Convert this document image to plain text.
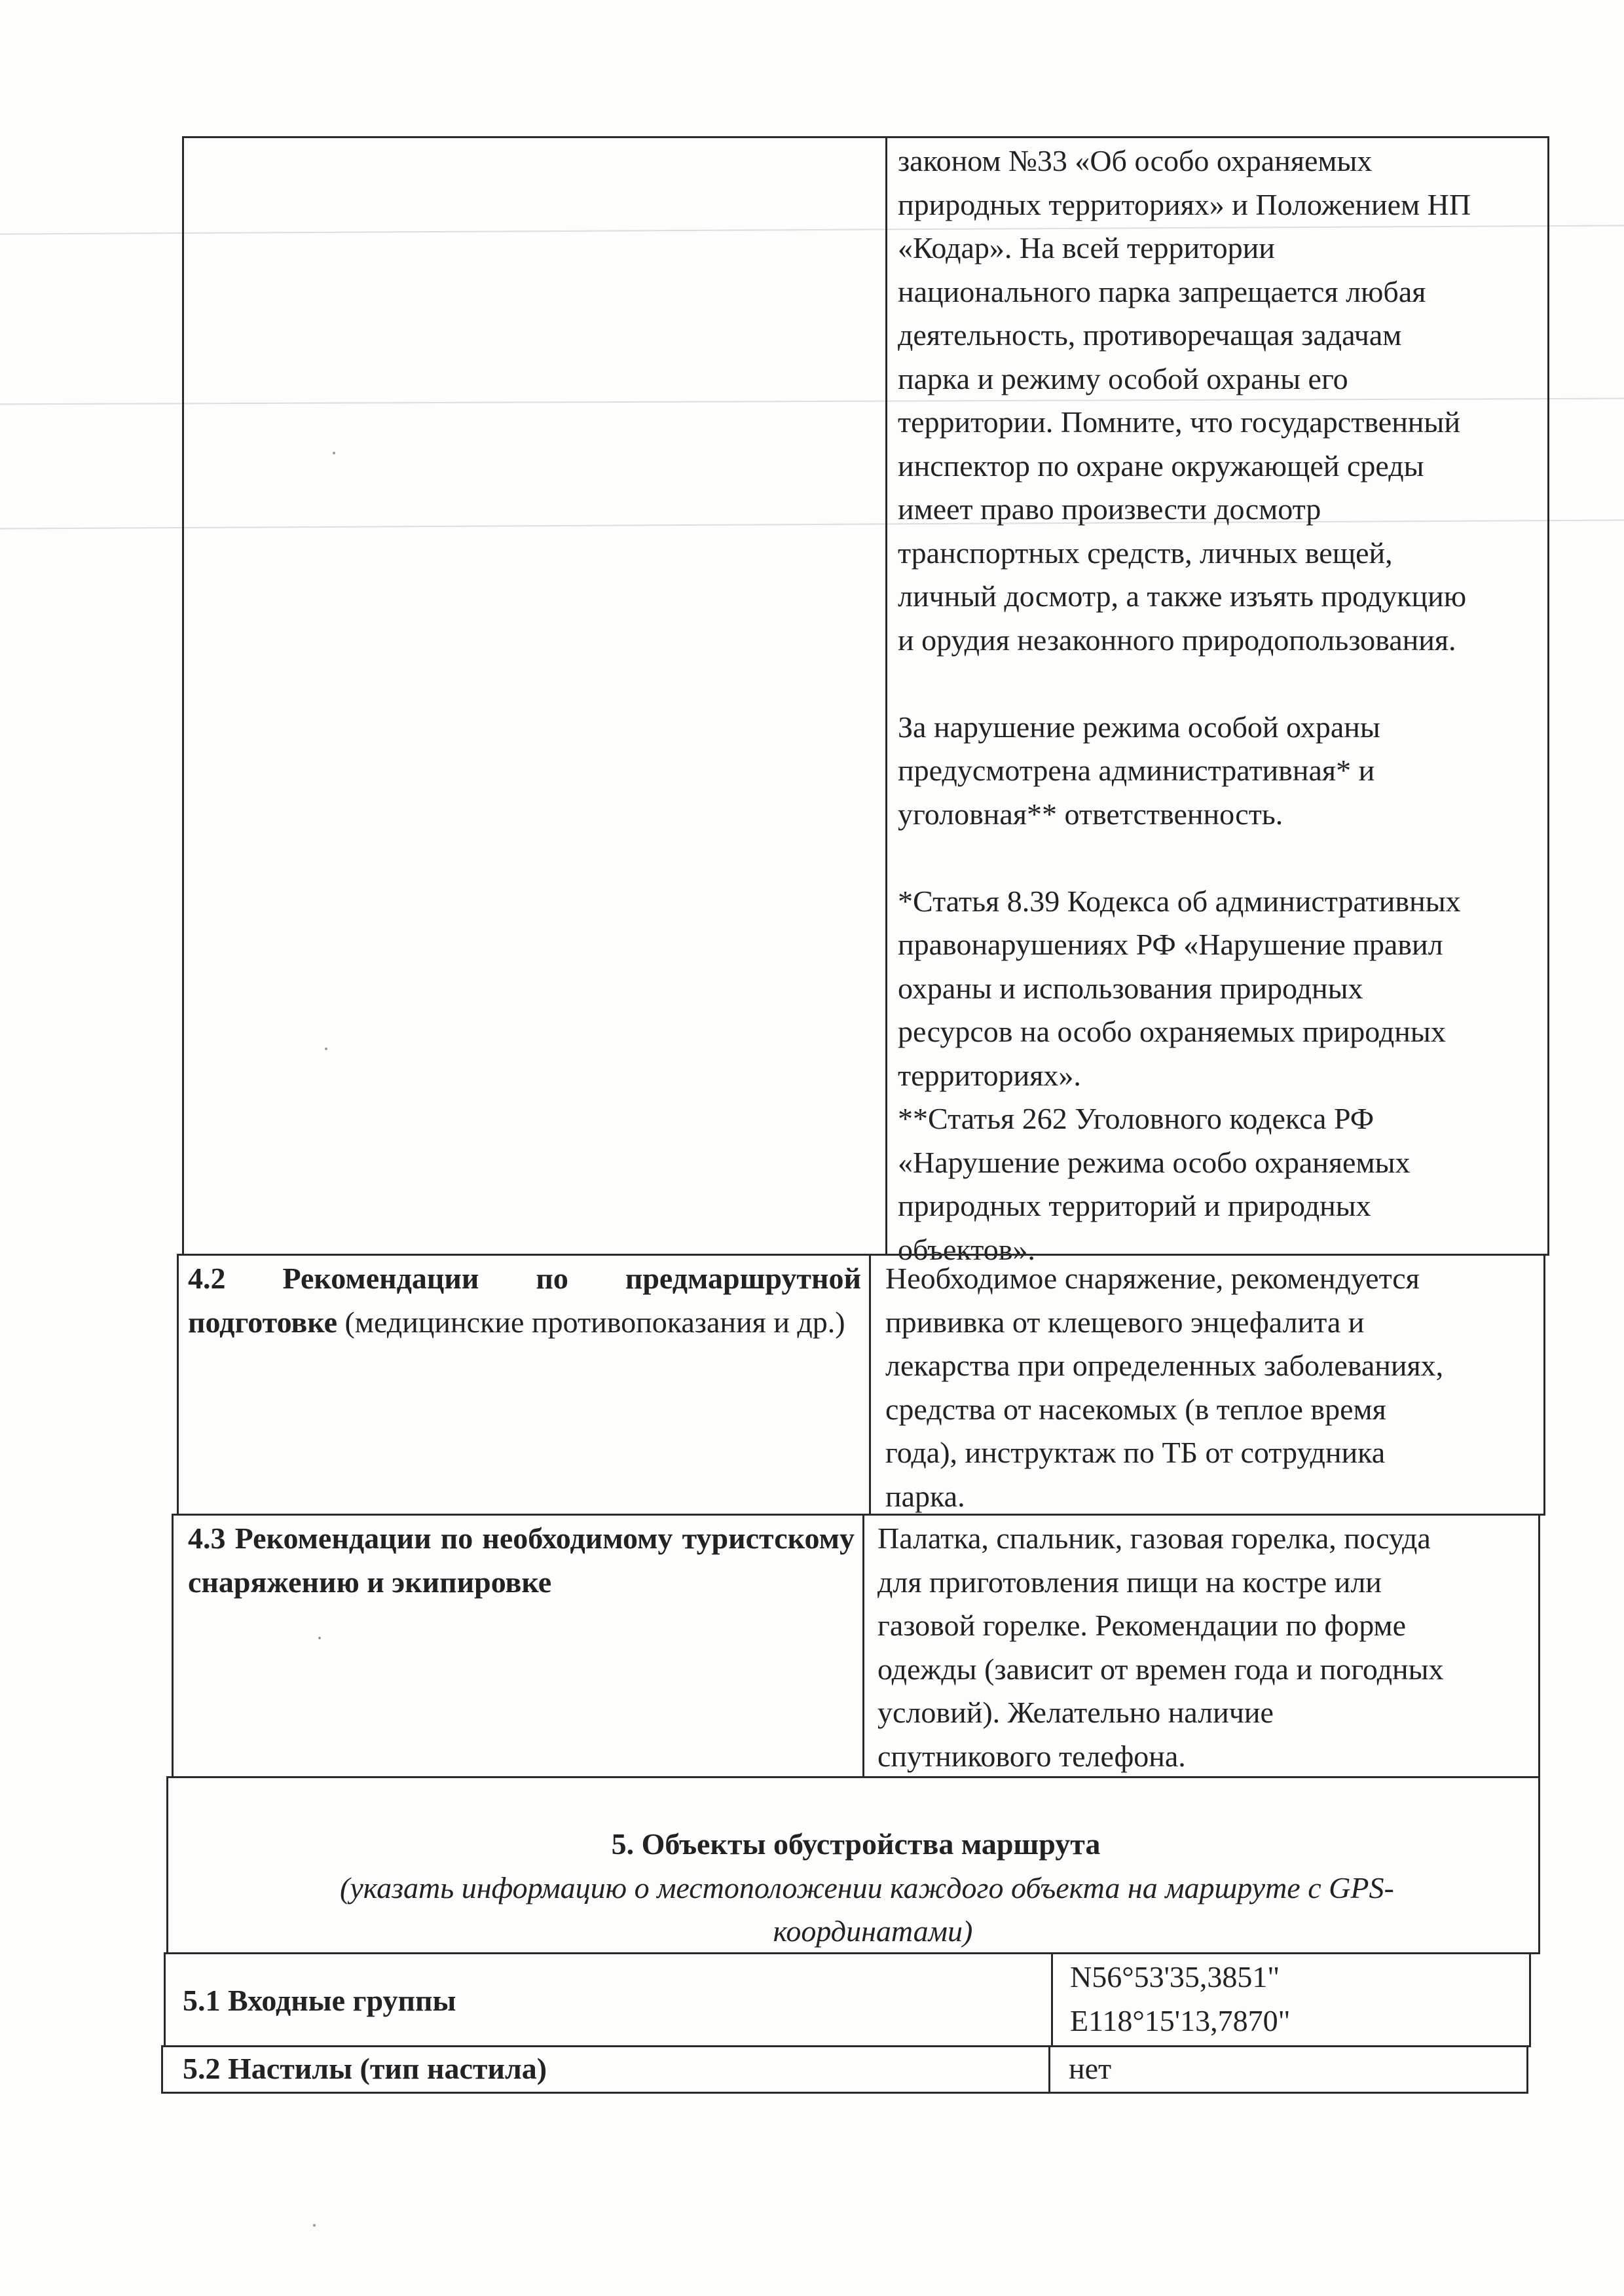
законом №33 «Об особо охраняемых

природных территориях» и Положением НП

«Кодар». На всей территории

национального парка запрещается любая

деятельность, противоречащая задачам

парка и режиму особой охраны его

территории. Помните, что государственный

инспектор по охране окружающей среды

имеет право произвести досмотр

транспортных средств, личных вещей,

личный досмотр, а также изъять продукцию

и орудия незаконного природопользования.

За нарушение режима особой охраны

предусмотрена административная* и

уголовная** ответственность.

*Статья 8.39 Кодекса об административных

правонарушениях РФ «Нарушение правил

охраны и использования природных

ресурсов на особо охраняемых природных

территориях».

**Статья 262 Уголовного кодекса РФ

«Нарушение режима особо охраняемых

природных территорий и природных

объектов».

4.2 Рекомендации по предмаршрутной подготовке (медицинские противопоказания и др.)

Необходимое снаряжение, рекомендуется

прививка от клещевого энцефалита и

лекарства при определенных заболеваниях,

средства от насекомых (в теплое время

года), инструктаж по ТБ от сотрудника

парка.

4.3 Рекомендации по необходимому туристскому снаряжению и экипировке

Палатка, спальник, газовая горелка, посуда

для приготовления пищи на костре или

газовой горелке. Рекомендации по форме

одежды (зависит от времен года и погодных

условий). Желательно наличие

спутникового телефона.

5. Объекты обустройства маршрута

(указать информацию о местоположении каждого объекта на маршруте с GPS-

координатами)

5.1 Входные группы

N56°53'35,3851"

E118°15'13,7870"

5.2 Настилы (тип настила)	нет
